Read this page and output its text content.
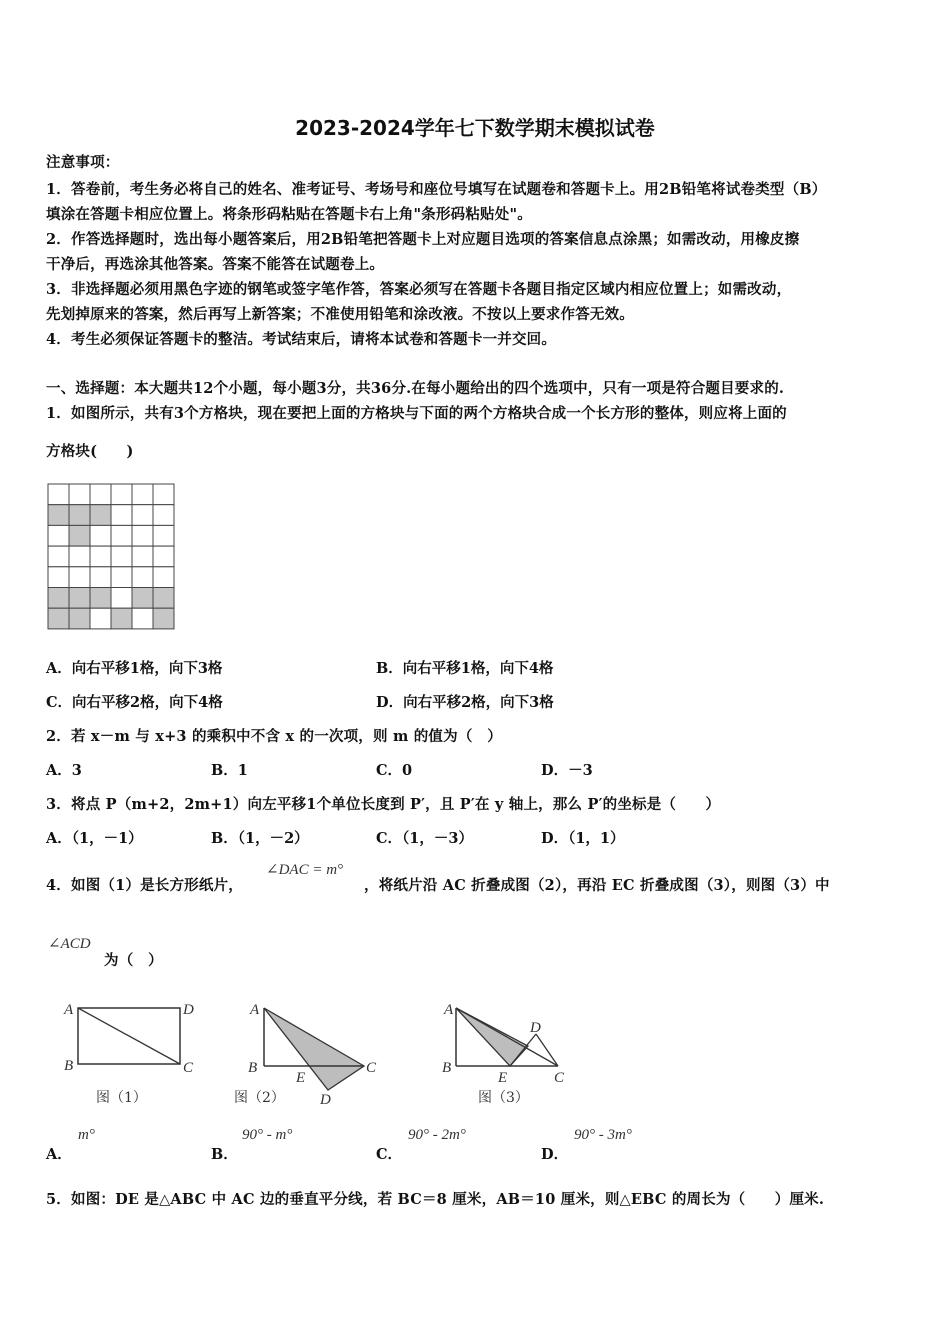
2023-2024学年七下数学期末模拟试卷
注意事项：
1．答卷前，考生务必将自己的姓名、准考证号、考场号和座位号填写在试题卷和答题卡上。用2B铅笔将试卷类型（B）
填涂在答题卡相应位置上。将条形码粘贴在答题卡右上角"条形码粘贴处"。
2．作答选择题时，选出每小题答案后，用2B铅笔把答题卡上对应题目选项的答案信息点涂黑；如需改动，用橡皮擦
干净后，再选涂其他答案。答案不能答在试题卷上。
3．非选择题必须用黑色字迹的钢笔或签字笔作答，答案必须写在答题卡各题目指定区域内相应位置上；如需改动，
先划掉原来的答案，然后再写上新答案；不准使用铅笔和涂改液。不按以上要求作答无效。
4．考生必须保证答题卡的整洁。考试结束后，请将本试卷和答题卡一并交回。
一、选择题：本大题共12个小题，每小题3分，共36分.在每小题给出的四个选项中，只有一项是符合题目要求的.
1．如图所示，共有3个方格块，现在要把上面的方格块与下面的两个方格块合成一个长方形的整体，则应将上面的
方格块(　　)
A．向右平移1格，向下3格	B．向右平移1格，向下4格
C．向右平移2格，向下4格	D．向右平移2格，向下3格
2．若 x－m 与 x+3 的乘积中不含 x 的一次项，则 m 的值为（　）
A．3	B．1	C．0	D．－3
3．将点 P（m+2，2m+1）向左平移1个单位长度到 P′，且 P′在 y 轴上，那么 P′的坐标是（　　）
A．（1，－1）	B．（1，－2）	C．（1，－3）	D．（1，1）
4．如图（1）是长方形纸片，
∠DAC = m°
，将纸片沿 AC 折叠成图（2），再沿 EC 折叠成图（3），则图（3）中
∠ACD
为（　）
A	D
B	C
图（1）
A
B
E
C
D
图（2）
A
D
B
E	C
图（3）
A．
m°
B．
90° - m°
C．
90° - 2m°
D．
90° - 3m°
5．如图：DE 是△ABC 中 AC 边的垂直平分线，若 BC＝8 厘米，AB＝10 厘米，则△EBC 的周长为（　　）厘米.
